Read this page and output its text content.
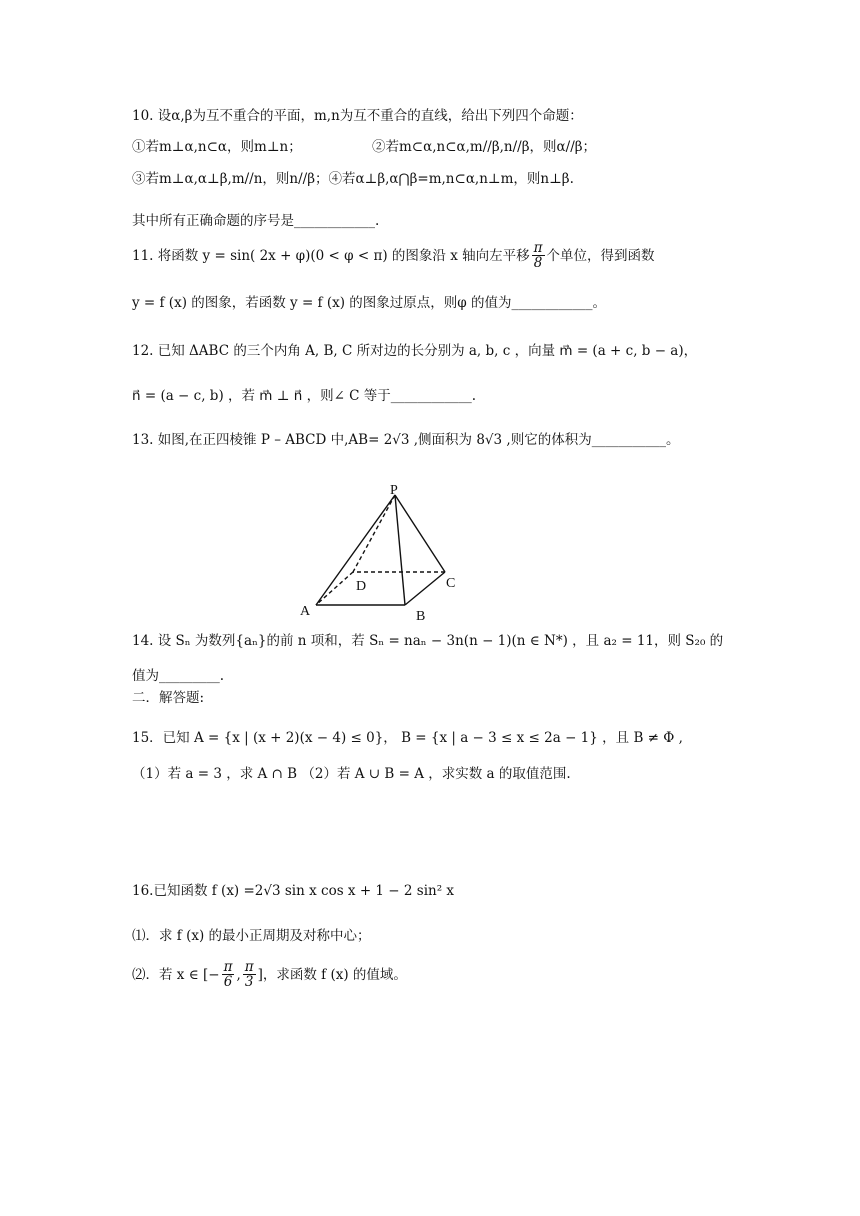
10. 设α,β为互不重合的平面，m,n为互不重合的直线，给出下列四个命题：
①若m⊥α,n⊂α，则m⊥n；	②若m⊂α,n⊂α,m//β,n//β，则α//β；
③若m⊥α,α⊥β,m//n，则n//β；④若α⊥β,α⋂β=m,n⊂α,n⊥m，则n⊥β.
其中所有正确命题的序号是____________.
11. 将函数 y = sin( 2x + φ)(0 < φ < π) 的图象沿 x 轴向左平移 $\frac{\pi}{8}$ 个单位，得到函数
y = f (x) 的图象，若函数 y = f (x) 的图象过原点，则φ 的值为____________。
12. 已知 ΔABC 的三个内角 A, B, C 所对边的长分别为 a, b, c ，向量 m⃗ = (a + c, b − a)，
n⃗ = (a − c, b) ，若 m⃗ ⊥ n⃗ ，则∠ C 等于____________.
13. 如图,在正四棱锥 P – ABCD 中,AB= 2√3 ,侧面积为 8√3 ,则它的体积为___________。
P
A	B
C
D
14. 设 Sₙ 为数列{aₙ}的前 n 项和，若 Sₙ = naₙ − 3n(n − 1)(n ∈ N*) ，且 a₂ = 11，则 S₂₀ 的
值为_________.
二．解答题:
15．已知 A = {x | (x + 2)(x − 4) ≤ 0}， B = {x | a − 3 ≤ x ≤ 2a − 1} ，且 B ≠ Φ ,
（1）若 a = 3 ，求 A ∩ B （2）若 A ∪ B = A ，求实数 a 的取值范围.
16.已知函数 f (x) =2√3 sin x cos x + 1 − 2 sin² x
⑴．求 f (x) 的最小正周期及对称中心；
⑵．若 x ∈ [− $\frac{\pi}{6}$ , $\frac{\pi}{3}$ ]，求函数 f (x) 的值域。
